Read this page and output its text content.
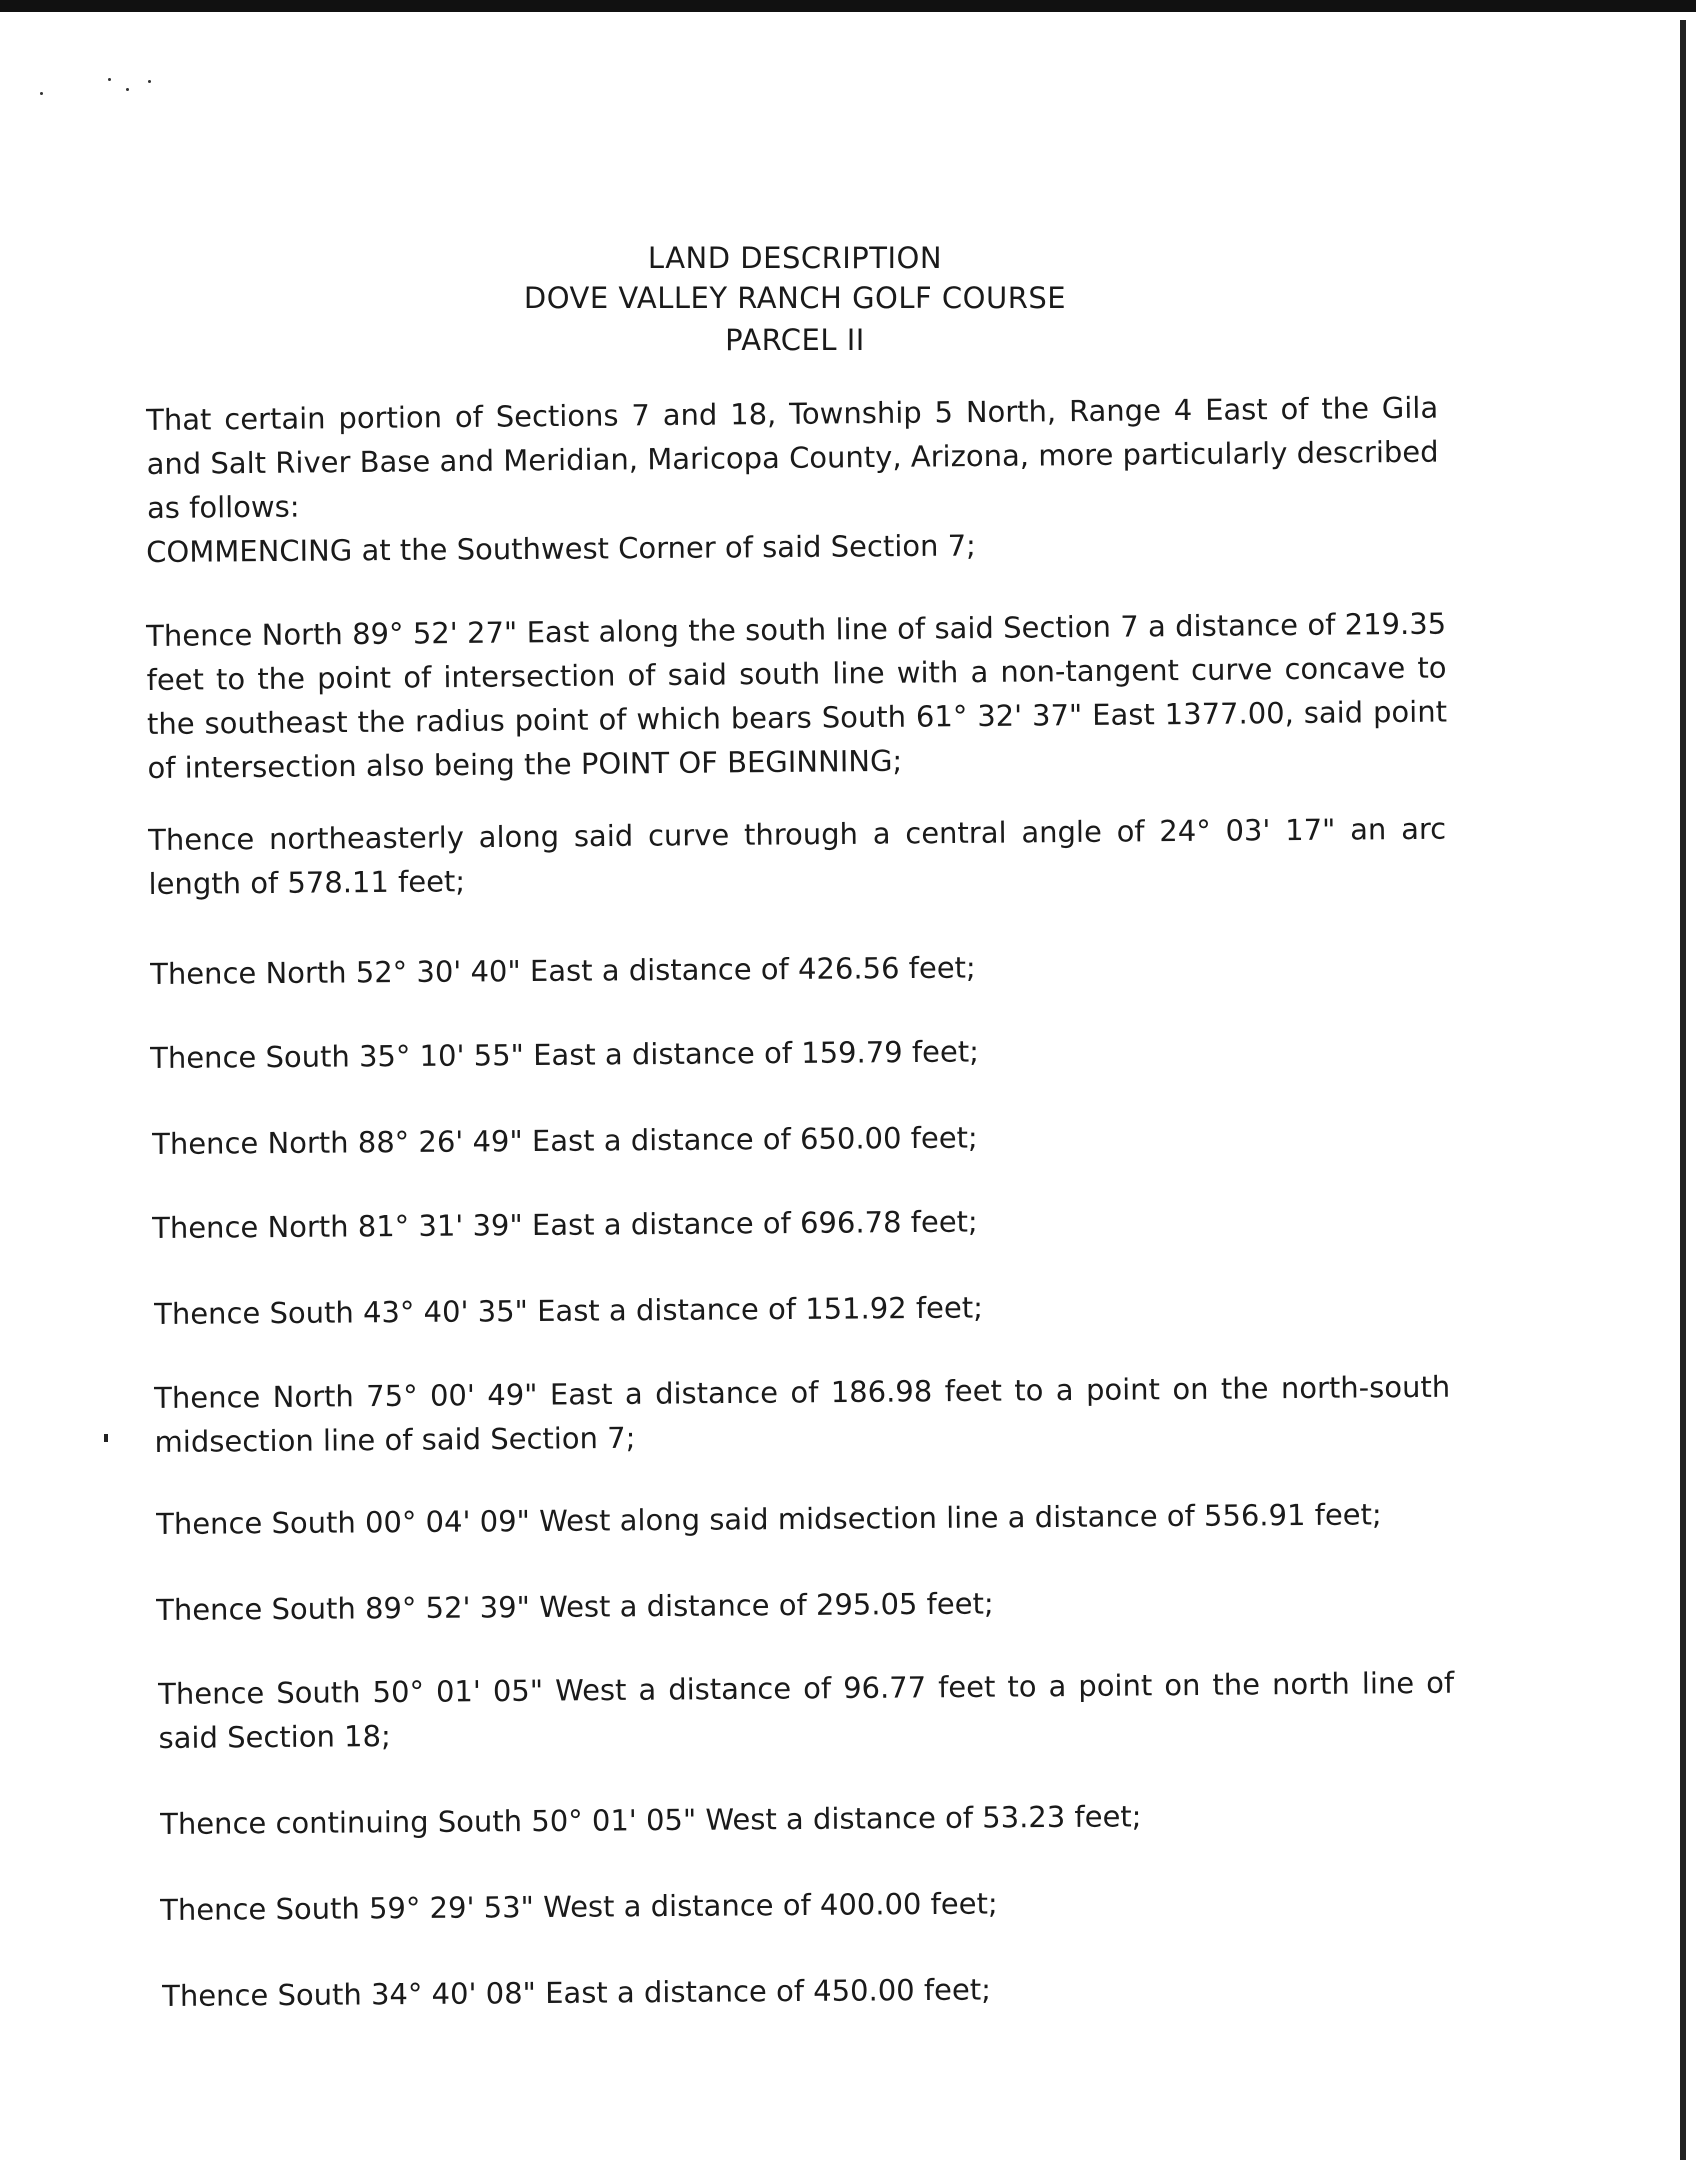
LAND DESCRIPTION
DOVE VALLEY RANCH GOLF COURSE
PARCEL II
That certain portion of Sections 7 and 18, Township 5 North, Range 4 East of the Gila and Salt River Base and Meridian, Maricopa County, Arizona, more particularly described as follows:
COMMENCING at the Southwest Corner of said Section 7;
Thence North 89° 52' 27" East along the south line of said Section 7 a distance of 219.35 feet to the point of intersection of said south line with a non-tangent curve concave to the southeast the radius point of which bears South 61° 32' 37" East 1377.00, said point of intersection also being the POINT OF BEGINNING;
Thence northeasterly along said curve through a central angle of 24° 03' 17" an arc length of 578.11 feet;
Thence North 52° 30' 40" East a distance of 426.56 feet;
Thence South 35° 10' 55" East a distance of 159.79 feet;
Thence North 88° 26' 49" East a distance of 650.00 feet;
Thence North 81° 31' 39" East a distance of 696.78 feet;
Thence South 43° 40' 35" East a distance of 151.92 feet;
Thence North 75° 00' 49" East a distance of 186.98 feet to a point on the north-south midsection line of said Section 7;
Thence South 00° 04' 09" West along said midsection line a distance of 556.91 feet;
Thence South 89° 52' 39" West a distance of 295.05 feet;
Thence South 50° 01' 05" West a distance of 96.77 feet to a point on the north line of said Section 18;
Thence continuing South 50° 01' 05" West a distance of 53.23 feet;
Thence South 59° 29' 53" West a distance of 400.00 feet;
Thence South 34° 40' 08" East a distance of 450.00 feet;
